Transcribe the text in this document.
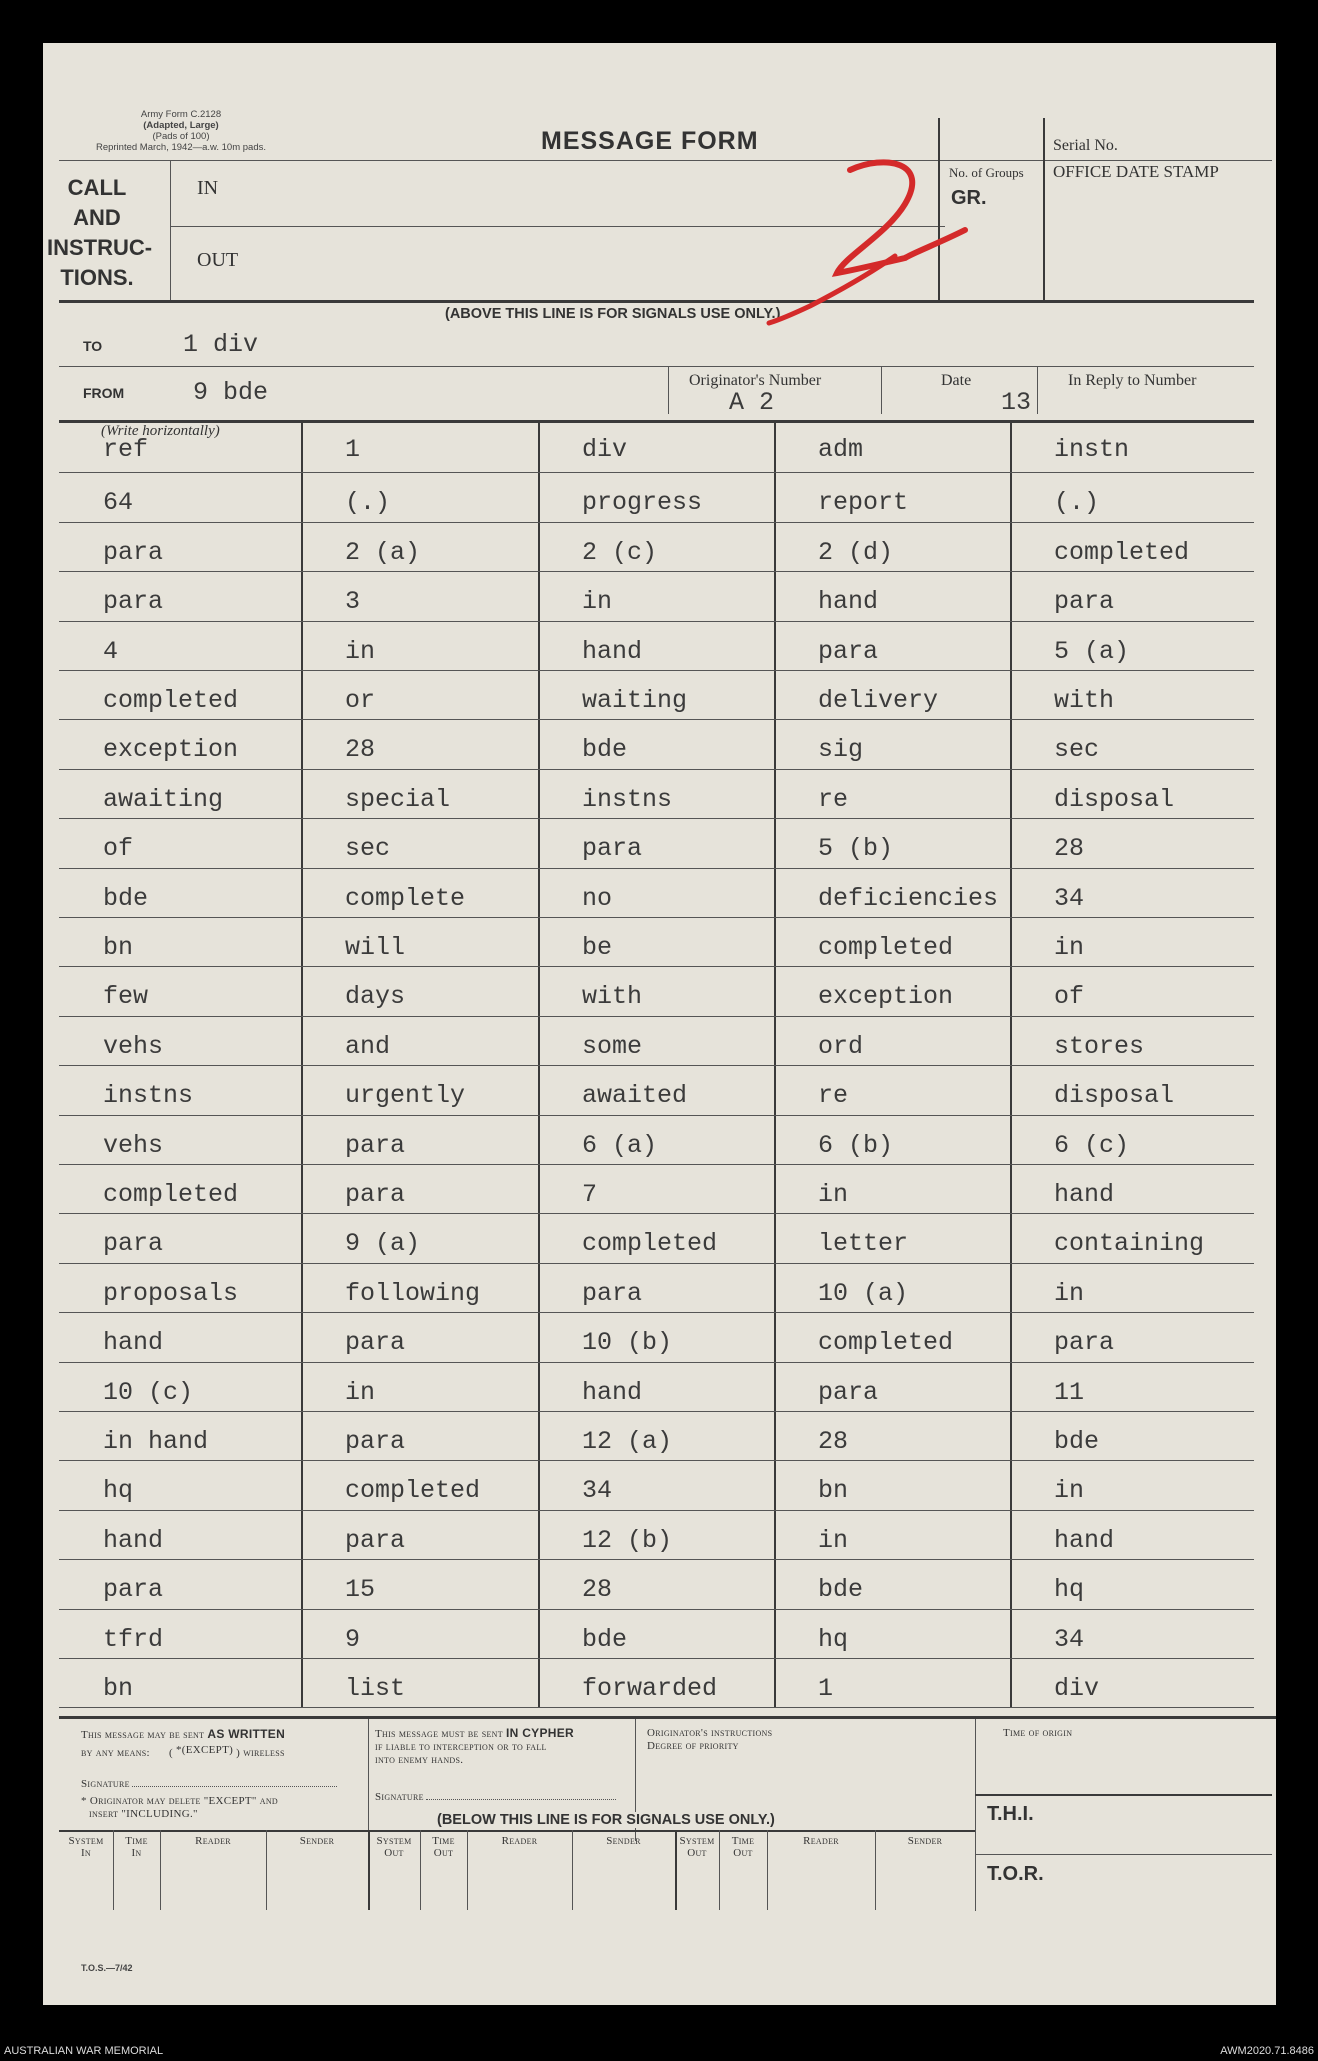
Army Form C.2128
(Adapted, Large)
(Pads of 100)
Reprinted March, 1942—a.w. 10m pads.	MESSAGE FORM	Serial No.
OFFICE DATE STAMP
No. of Groups
GR.
CALL
AND
INSTRUC-
TIONS.
IN
OUT
(ABOVE THIS LINE IS FOR SIGNALS USE ONLY.)
TO	1 div
FROM	9 bde	Originator's Number
A 2
Date
13
In Reply to Number
(Write horizontally)
This message may be sent AS WRITTEN
by any means: ( *(EXCEPT) ) wireless
Signature
* Originator may delete "EXCEPT" and
insert "INCLUDING."
This message must be sent IN CYPHER
if liable to interception or to fall
into enemy hands.
Signature
Originator's instructions
Degree of priority
Time of origin
(BELOW THIS LINE IS FOR SIGNALS USE ONLY.)	T.H.I.
T.O.R.
T.O.S.—7/42
ref	1	div	adm	instn
64	(.)	progress	report	(.)
para	2 (a)	2 (c)	2 (d)	completed
para	3	in	hand	para
4	in	hand	para	5 (a)
completed	or	waiting	delivery	with
exception	28	bde	sig	sec
awaiting	special	instns	re	disposal
of	sec	para	5 (b)	28
bde	complete	no	deficiencies 34
bn	will	be	completed	in
few	days	with	exception	of
vehs	and	some	ord	stores
instns	urgently	awaited	re	disposal
vehs	para	6 (a)	6 (b)	6 (c)
completed	para	7	in	hand
para	9 (a)	completed	letter	containing
proposals	following	para	10 (a)	in
hand	para	10 (b)	completed	para
10 (c)	in	hand	para	11
in hand	para	12 (a)	28	bde
hq	completed	34	bn	in
hand	para	12 (b)	in	hand
para	15	28	bde	hq
tfrd	9	bde	hq	34
bn	list	forwarded	1	div
System
In
Time
In
Reader	Sender	System
Out
Time
Out
Reader	Sender	System
Out
Time
Out
Reader	Sender
AUSTRALIAN WAR MEMORIAL	AWM2020.71.8486
